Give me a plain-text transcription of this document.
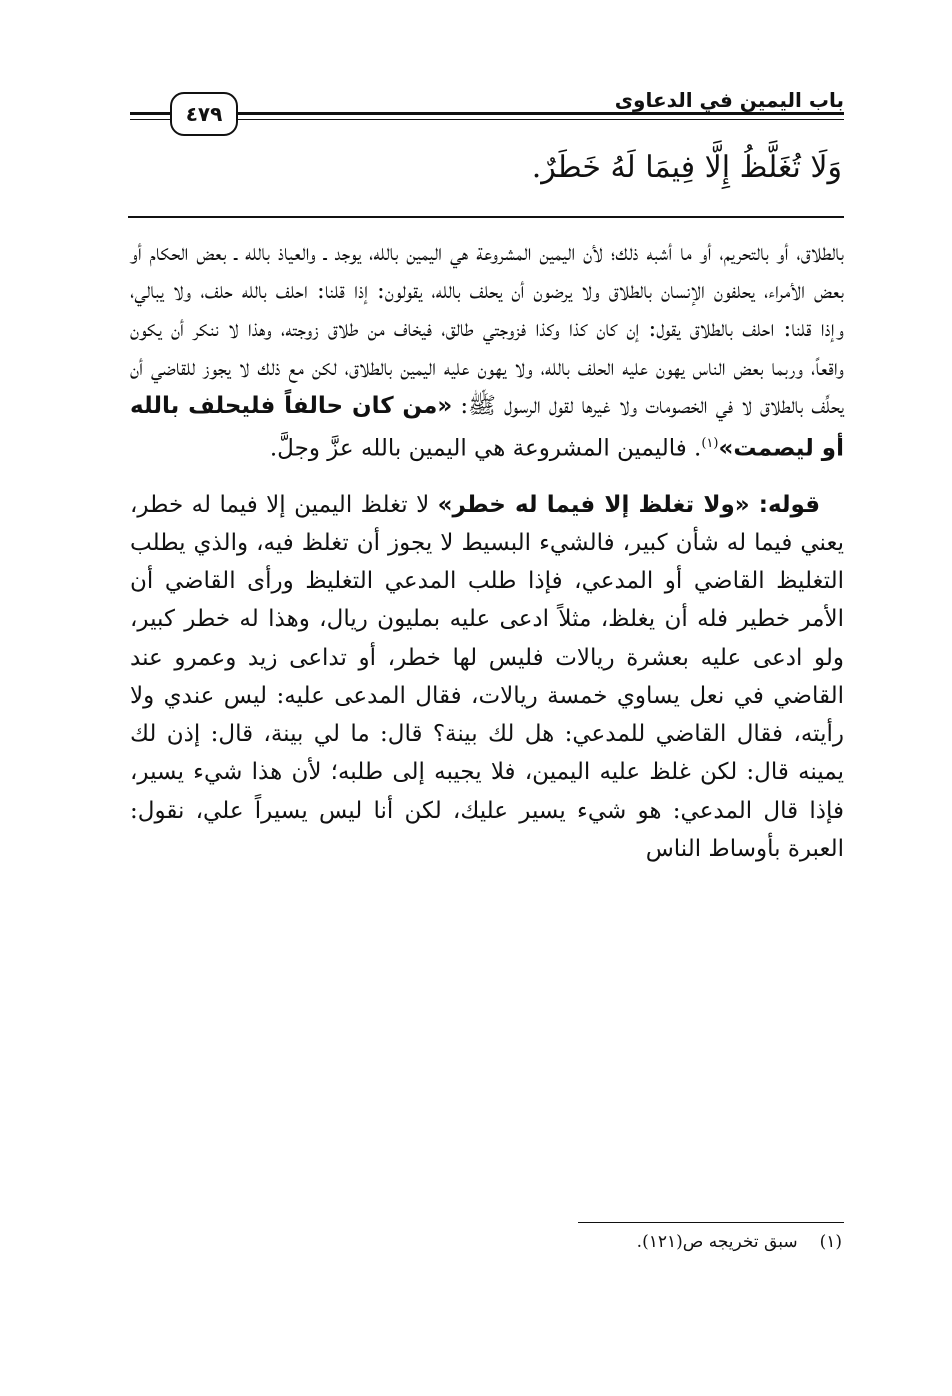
باب اليمين في الدعاوى
٤٧٩
وَلَا تُغَلَّظُ إِلَّا فِيمَا لَهُ خَطَرٌ.

بالطلاق، أو بالتحريم، أو ما أشبه ذلك؛ لأن اليمين المشروعة هي اليمين بالله، يوجد ـ والعياذ بالله ـ بعض الحكام أو بعض الأمراء، يحلفون الإنسان بالطلاق ولا يرضون أن يحلف بالله، يقولون: إذا قلنا: احلف بالله حلف، ولا يبالي، وإذا قلنا: احلف بالطلاق يقول: إن كان كذا وكذا فزوجتي طالق، فيخاف من طلاق زوجته، وهذا لا ننكر أن يكون واقعاً، وربما بعض الناس يهون عليه الحلف بالله، ولا يهون عليه اليمين بالطلاق، لكن مع ذلك لا يجوز للقاضي أن يحلِّف بالطلاق لا في الخصومات ولا غيرها لقول الرسول ﷺ: «من كان حالفاً فليحلف بالله أو ليصمت»$^{(١)}$. فاليمين المشروعة هي اليمين بالله عزَّ وجلَّ.

قوله: «ولا تغلظ إلا فيما له خطر» لا تغلظ اليمين إلا فيما له خطر، يعني فيما له شأن كبير، فالشيء البسيط لا يجوز أن تغلظ فيه، والذي يطلب التغليظ القاضي أو المدعي، فإذا طلب المدعي التغليظ ورأى القاضي أن الأمر خطير فله أن يغلظ، مثلاً ادعى عليه بمليون ريال، وهذا له خطر كبير، ولو ادعى عليه بعشرة ريالات فليس لها خطر، أو تداعى زيد وعمرو عند القاضي في نعل يساوي خمسة ريالات، فقال المدعى عليه: ليس عندي ولا رأيته، فقال القاضي للمدعي: هل لك بينة؟ قال: ما لي بينة، قال: إذن لك يمينه قال: لكن غلظ عليه اليمين، فلا يجيبه إلى طلبه؛ لأن هذا شيء يسير، فإذا قال المدعي: هو شيء يسير عليك، لكن أنا ليس يسيراً علي، نقول: العبرة بأوساط الناس

(١)سبق تخريجه ص(١٢١).
